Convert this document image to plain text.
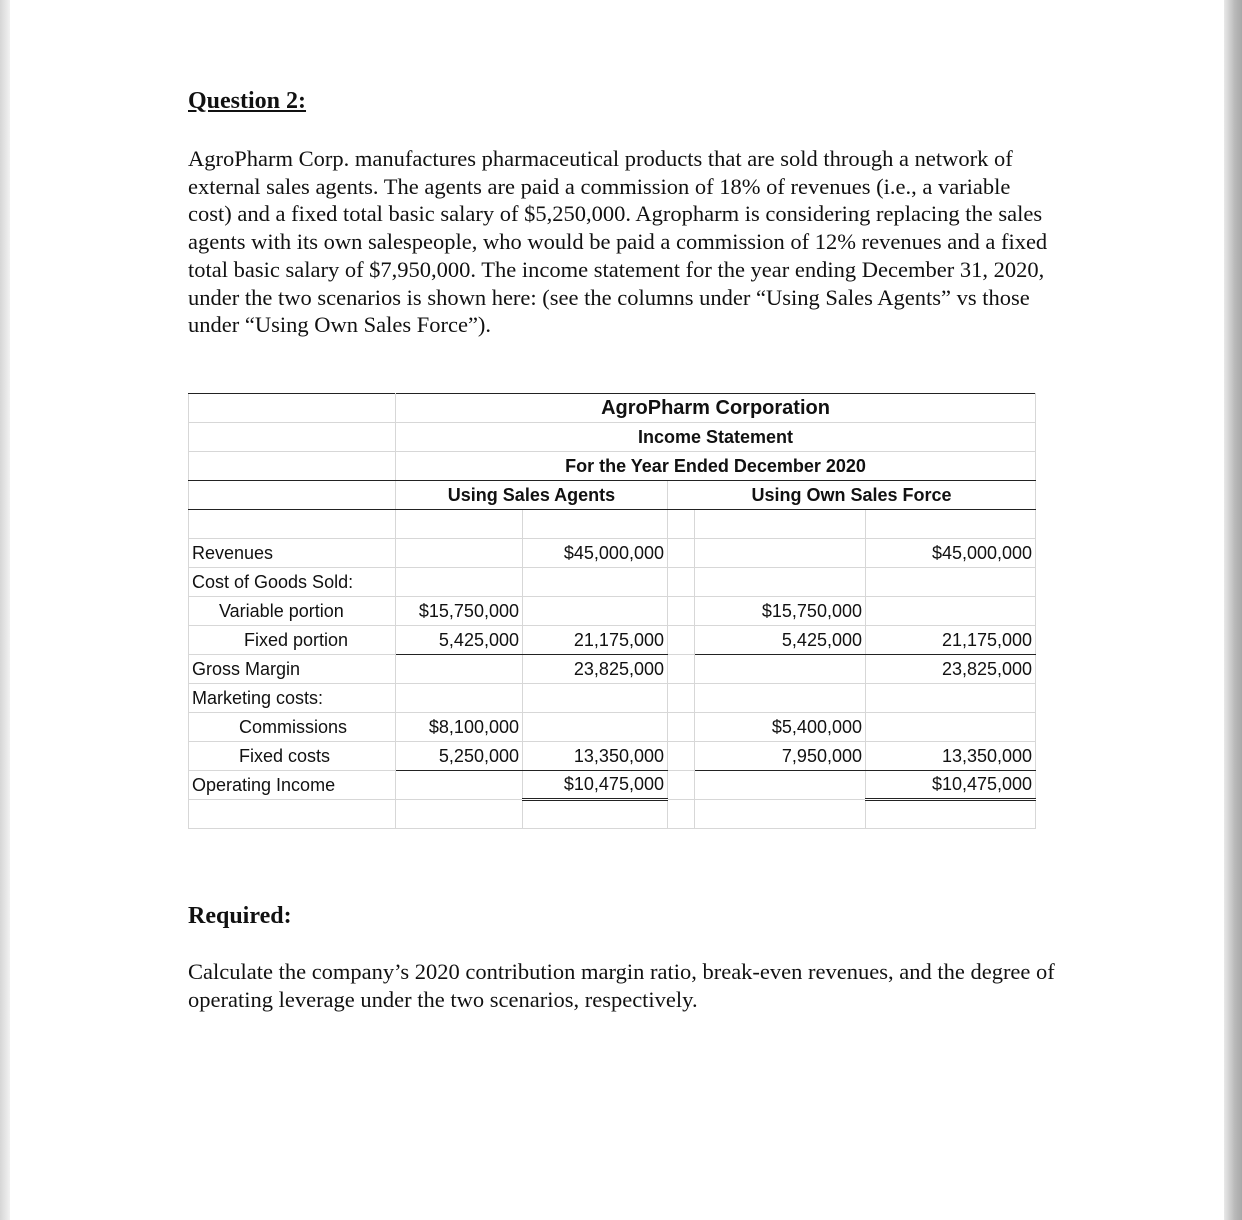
Question 2:

AgroPharm Corp. manufactures pharmaceutical products that are sold through a network of external sales agents. The agents are paid a commission of 18% of revenues (i.e., a variable cost) and a fixed total basic salary of $5,250,000. Agropharm is considering replacing the sales agents with its own salespeople, who would be paid a commission of 12% revenues and a fixed total basic salary of $7,950,000. The income statement for the year ending December 31, 2020, under the two scenarios is shown here: (see the columns under “Using Sales Agents” vs those under “Using Own Sales Force”).

	AgroPharm Corporation				
	Income Statement				
	For the Year Ended December 2020				
	Using Sales Agents		Using Own Sales Force		

Revenues		$45,000,000			$45,000,000
Cost of Goods Sold:					
Variable portion	$15,750,000			$15,750,000	
Fixed portion	5,425,000	21,175,000		5,425,000	21,175,000
Gross Margin		23,825,000			23,825,000
Marketing costs:					
Commissions	$8,100,000			$5,400,000	
Fixed costs	5,250,000	13,350,000		7,950,000	13,350,000
Operating Income		$10,475,000			$10,475,000

Required:

Calculate the company’s 2020 contribution margin ratio, break-even revenues, and the degree of operating leverage under the two scenarios, respectively.
